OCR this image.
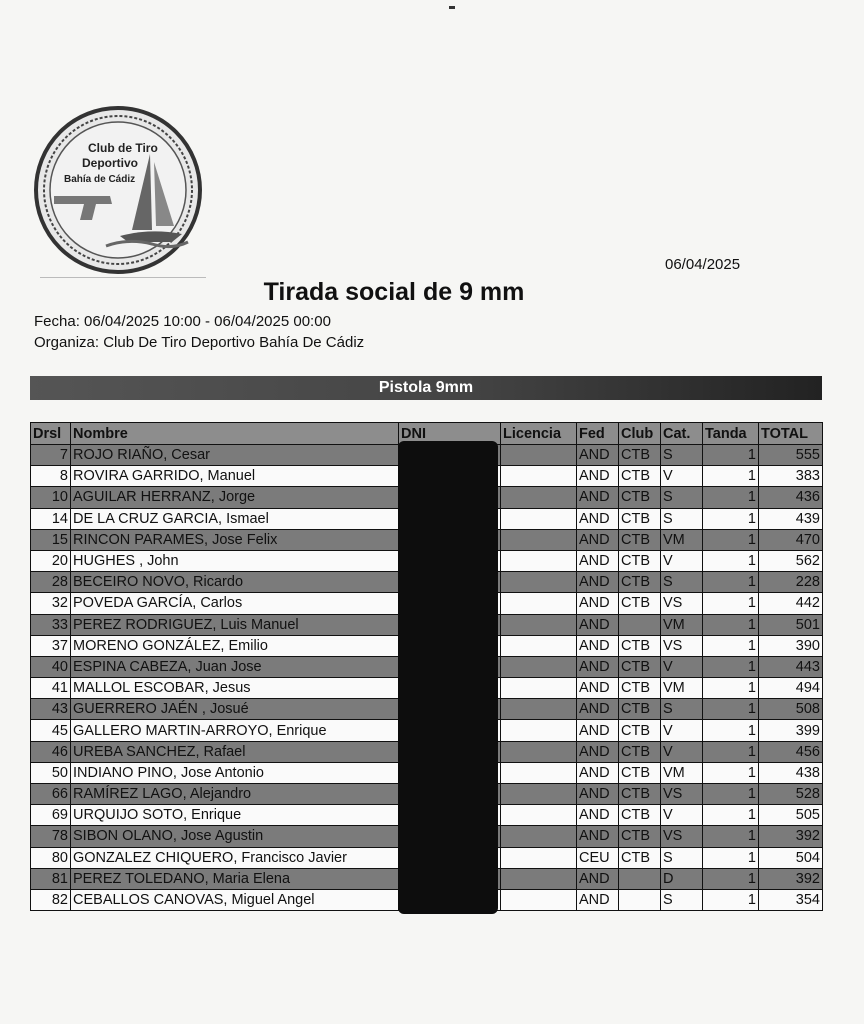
Club de Tiro
Deportivo
Bahía de Cádiz
06/04/2025
Tirada social de 9 mm
Fecha: 06/04/2025 10:00 - 06/04/2025 00:00
Organiza: Club De Tiro Deportivo Bahía De Cádiz
Pistola 9mm
Drsl	Nombre	DNI	Licencia	Fed	Club	Cat.	Tanda	TOTAL
7	ROJO RIAÑO, Cesar			AND	CTB	S	1	555
8	ROVIRA GARRIDO, Manuel			AND	CTB	V	1	383
10	AGUILAR HERRANZ, Jorge			AND	CTB	S	1	436
14	DE LA CRUZ GARCIA, Ismael			AND	CTB	S	1	439
15	RINCON PARAMES, Jose Felix			AND	CTB	VM	1	470
20	HUGHES , John			AND	CTB	V	1	562
28	BECEIRO NOVO, Ricardo			AND	CTB	S	1	228
32	POVEDA GARCÍA, Carlos			AND	CTB	VS	1	442
33	PEREZ RODRIGUEZ, Luis Manuel			AND		VM	1	501
37	MORENO GONZÁLEZ, Emilio			AND	CTB	VS	1	390
40	ESPINA CABEZA, Juan Jose			AND	CTB	V	1	443
41	MALLOL ESCOBAR, Jesus			AND	CTB	VM	1	494
43	GUERRERO JAÉN , Josué			AND	CTB	S	1	508
45	GALLERO MARTIN-ARROYO, Enrique			AND	CTB	V	1	399
46	UREBA SANCHEZ, Rafael			AND	CTB	V	1	456
50	INDIANO PINO, Jose Antonio			AND	CTB	VM	1	438
66	RAMÍREZ LAGO, Alejandro			AND	CTB	VS	1	528
69	URQUIJO SOTO, Enrique			AND	CTB	V	1	505
78	SIBON OLANO, Jose Agustin			AND	CTB	VS	1	392
80	GONZALEZ CHIQUERO, Francisco Javier			CEU	CTB	S	1	504
81	PEREZ TOLEDANO, Maria Elena			AND		D	1	392
82	CEBALLOS CANOVAS, Miguel Angel			AND		S	1	354
